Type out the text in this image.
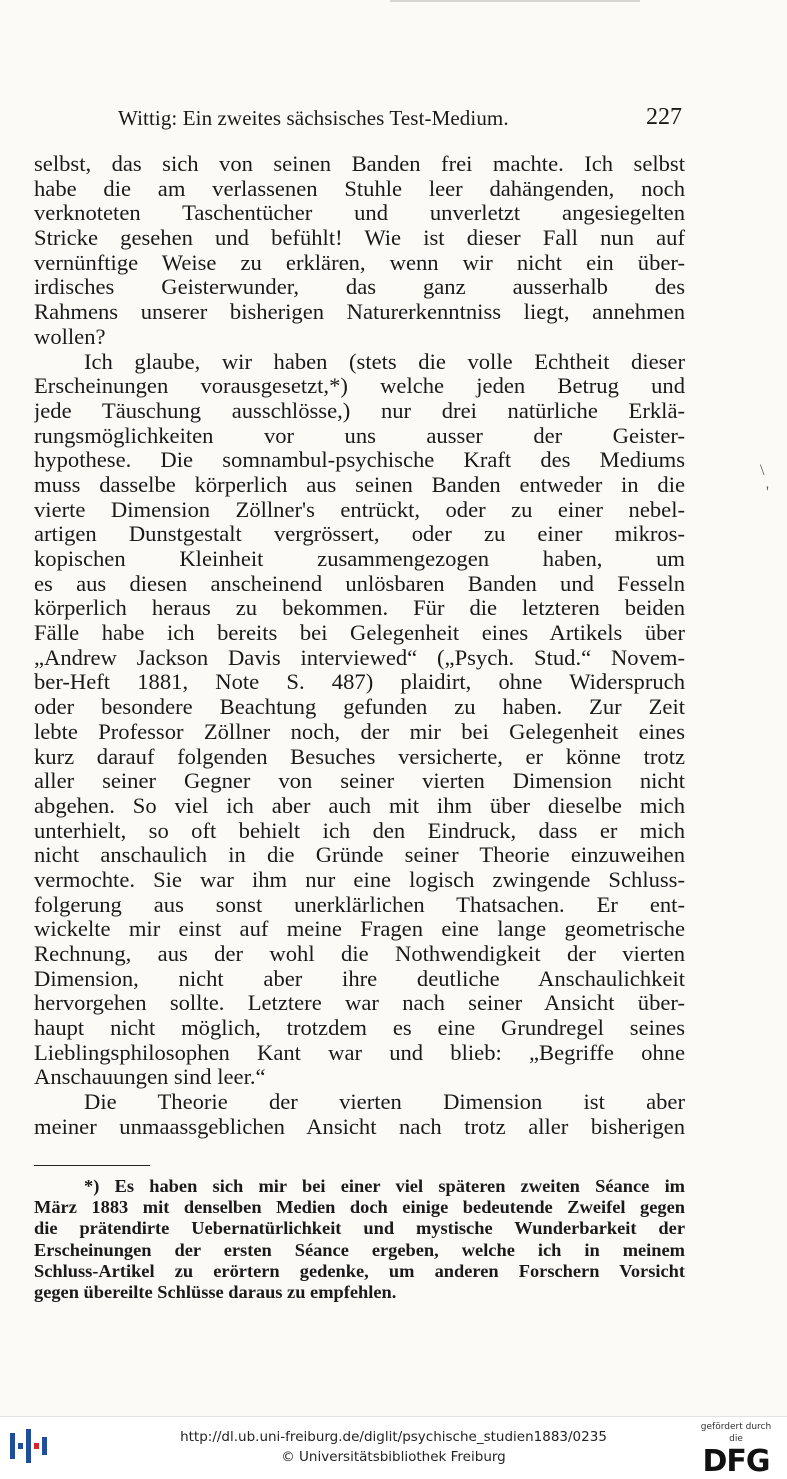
Wittig: Ein zweites sächsisches Test-Medium.	227
selbst, das sich von seinen Banden frei machte. Ich selbst
habe die am verlassenen Stuhle leer dahängenden, noch
verknoteten Taschentücher und unverletzt angesiegelten
Stricke gesehen und befühlt! Wie ist dieser Fall nun auf
vernünftige Weise zu erklären, wenn wir nicht ein über-
irdisches Geisterwunder, das ganz ausserhalb des
Rahmens unserer bisherigen Naturerkenntniss liegt, annehmen
wollen?
Ich glaube, wir haben (stets die volle Echtheit dieser
Erscheinungen vorausgesetzt,*) welche jeden Betrug und
jede Täuschung ausschlösse,) nur drei natürliche Erklä-
rungsmöglichkeiten vor uns ausser der Geister-
hypothese. Die somnambul-psychische Kraft des Mediums
muss dasselbe körperlich aus seinen Banden entweder in die
vierte Dimension Zöllner's entrückt, oder zu einer nebel-
artigen Dunstgestalt vergrössert, oder zu einer mikros-
kopischen Kleinheit zusammengezogen haben, um
es aus diesen anscheinend unlösbaren Banden und Fesseln
körperlich heraus zu bekommen. Für die letzteren beiden
Fälle habe ich bereits bei Gelegenheit eines Artikels über
„Andrew Jackson Davis interviewed“ („Psych. Stud.“ Novem-
ber-Heft 1881, Note S. 487) plaidirt, ohne Widerspruch
oder besondere Beachtung gefunden zu haben. Zur Zeit
lebte Professor Zöllner noch, der mir bei Gelegenheit eines
kurz darauf folgenden Besuches versicherte, er könne trotz
aller seiner Gegner von seiner vierten Dimension nicht
abgehen. So viel ich aber auch mit ihm über dieselbe mich
unterhielt, so oft behielt ich den Eindruck, dass er mich
nicht anschaulich in die Gründe seiner Theorie einzuweihen
vermochte. Sie war ihm nur eine logisch zwingende Schluss-
folgerung aus sonst unerklärlichen Thatsachen. Er ent-
wickelte mir einst auf meine Fragen eine lange geometrische
Rechnung, aus der wohl die Nothwendigkeit der vierten
Dimension, nicht aber ihre deutliche Anschaulichkeit
hervorgehen sollte. Letztere war nach seiner Ansicht über-
haupt nicht möglich, trotzdem es eine Grundregel seines
Lieblingsphilosophen Kant war und blieb: „Begriffe ohne
Anschauungen sind leer.“
Die Theorie der vierten Dimension ist aber
meiner unmaassgeblichen Ansicht nach trotz aller bisherigen
\
'
*) Es haben sich mir bei einer viel späteren zweiten Séance im
März 1883 mit denselben Medien doch einige bedeutende Zweifel gegen
die prätendirte Uebernatürlichkeit und mystische Wunderbarkeit der
Erscheinungen der ersten Séance ergeben, welche ich in meinem
Schluss-Artikel zu erörtern gedenke, um anderen Forschern Vorsicht
gegen übereilte Schlüsse daraus zu empfehlen.
http://dl.ub.uni-freiburg.de/diglit/psychische_studien1883/0235
© Universitätsbibliothek Freiburg
gefördert durch die
DFG
